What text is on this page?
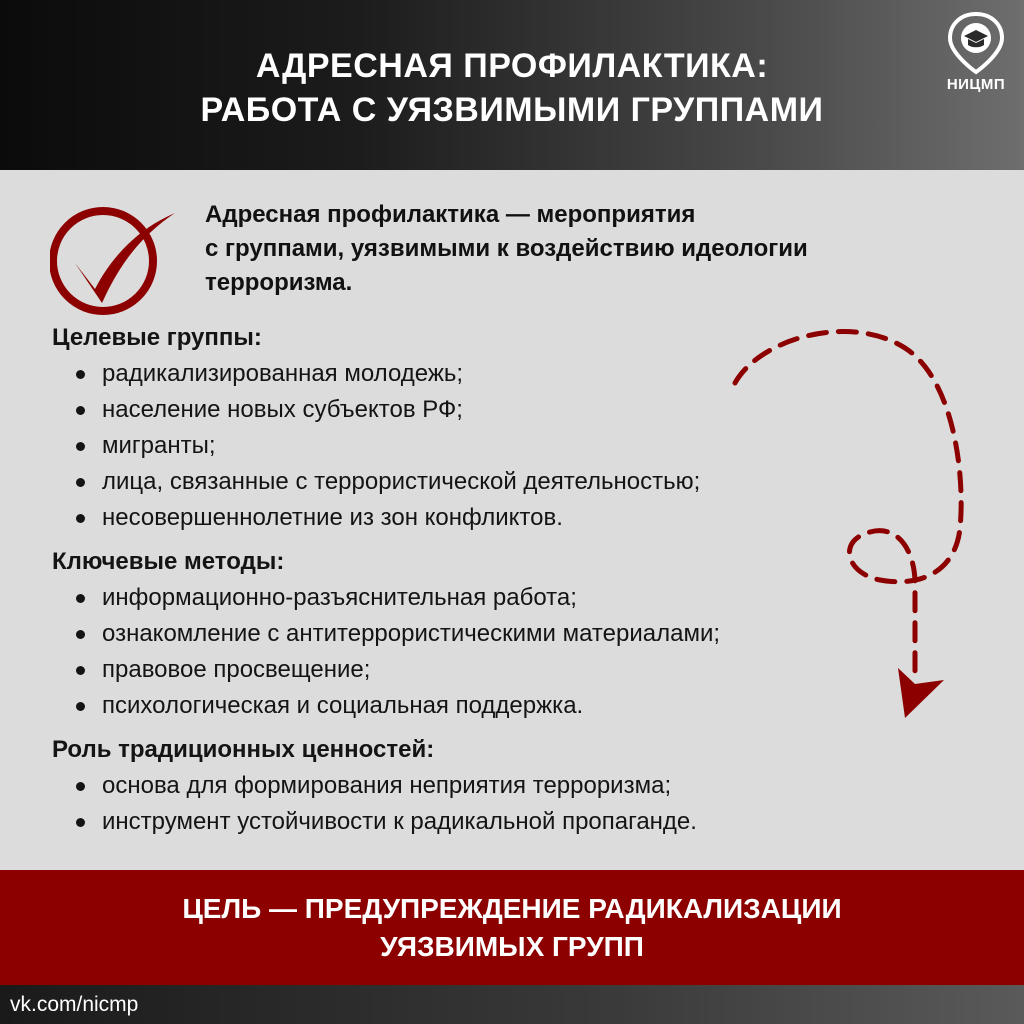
АДРЕСНАЯ ПРОФИЛАКТИКА:
РАБОТА С УЯЗВИМЫМИ ГРУППАМИ
НИЦМП
Адресная профилактика — мероприятия
с группами, уязвимыми к воздействию идеологии
терроризма.
Целевые группы:
радикализированная молодежь;
население новых субъектов РФ;
мигранты;
лица, связанные с террористической деятельностью;
несовершеннолетние из зон конфликтов.
Ключевые методы:
информационно-разъяснительная работа;
ознакомление с антитеррористическими материалами;
правовое просвещение;
психологическая и социальная поддержка.
Роль традиционных ценностей:
основа для формирования неприятия терроризма;
инструмент устойчивости к радикальной пропаганде.
ЦЕЛЬ — ПРЕДУПРЕЖДЕНИЕ РАДИКАЛИЗАЦИИ
УЯЗВИМЫХ ГРУПП
vk.com/nicmp
